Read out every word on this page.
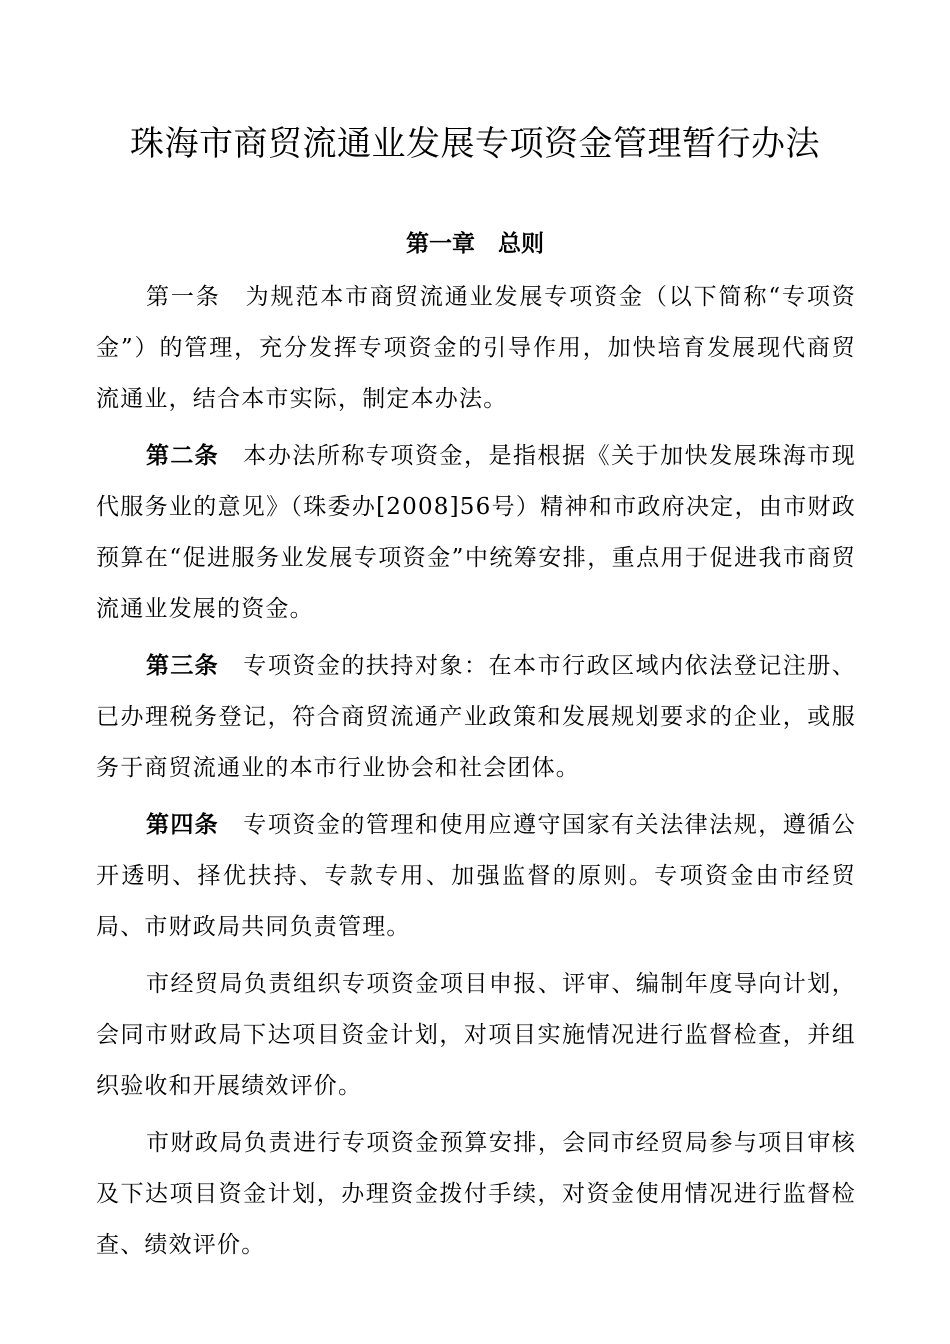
珠海市商贸流通业发展专项资金管理暂行办法
第一章　总则

第一条　为规范本市商贸流通业发展专项资金（以下简称“专项资金”）的管理，充分发挥专项资金的引导作用，加快培育发展现代商贸流通业，结合本市实际，制定本办法。

第二条　本办法所称专项资金，是指根据《关于加快发展珠海市现代服务业的意见》（珠委办[2008]56号）精神和市政府决定，由市财政预算在“促进服务业发展专项资金”中统筹安排，重点用于促进我市商贸流通业发展的资金。

第三条　专项资金的扶持对象：在本市行政区域内依法登记注册、已办理税务登记，符合商贸流通产业政策和发展规划要求的企业，或服务于商贸流通业的本市行业协会和社会团体。

第四条　专项资金的管理和使用应遵守国家有关法律法规，遵循公开透明、择优扶持、专款专用、加强监督的原则。专项资金由市经贸局、市财政局共同负责管理。

市经贸局负责组织专项资金项目申报、评审、编制年度导向计划，会同市财政局下达项目资金计划，对项目实施情况进行监督检查，并组织验收和开展绩效评价。

市财政局负责进行专项资金预算安排，会同市经贸局参与项目审核及下达项目资金计划，办理资金拨付手续，对资金使用情况进行监督检查、绩效评价。
